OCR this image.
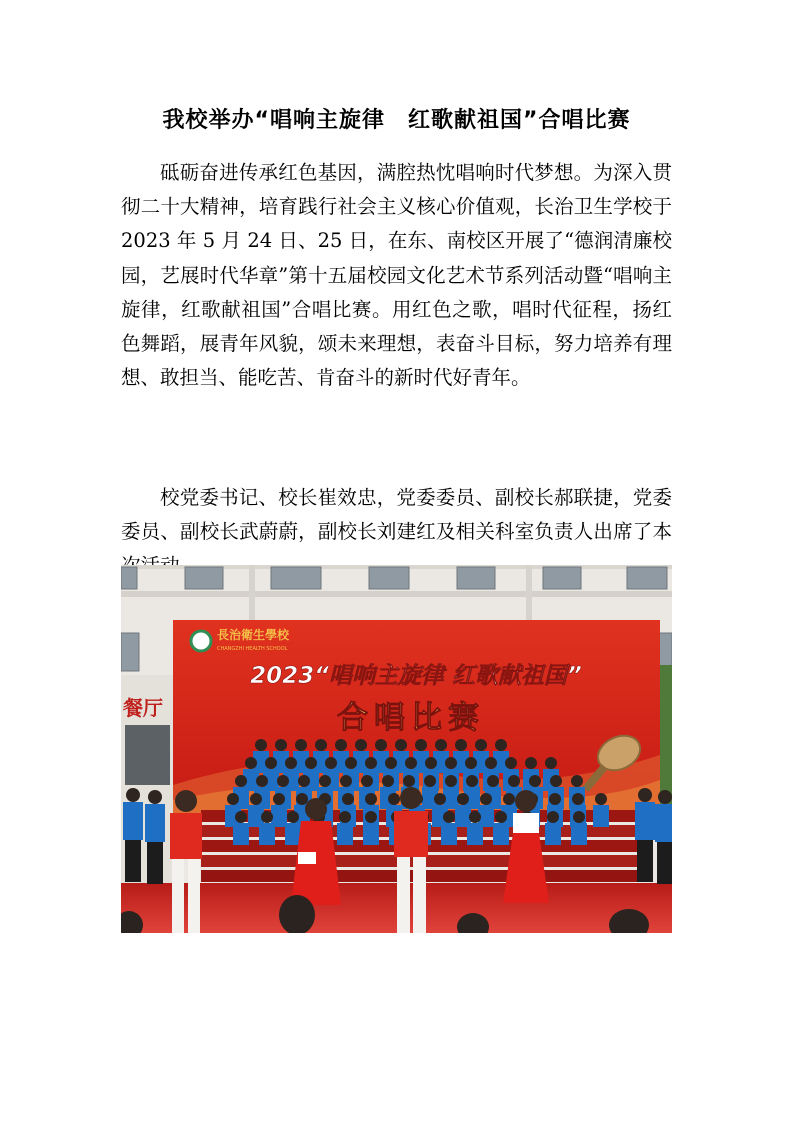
我校举办“唱响主旋律　红歌献祖国”合唱比赛

砥砺奋进传承红色基因，满腔热忱唱响时代梦想。为深入贯彻二十大精神，培育践行社会主义核心价值观，长治卫生学校于 2023 年 5 月 24 日、25 日，在东、南校区开展了“德润清廉校园，艺展时代华章”第十五届校园文化艺术节系列活动暨“唱响主旋律，红歌献祖国”合唱比赛。用红色之歌，唱时代征程，扬红色舞蹈，展青年风貌，颂未来理想，表奋斗目标，努力培养有理想、敢担当、能吃苦、肯奋斗的新时代好青年。

校党委书记、校长崔效忠，党委委员、副校长郝联捷，党委委员、副校长武蔚蔚，副校长刘建红及相关科室负责人出席了本

餐厅
長治衛生學校
CHANGZHI HEALTH SCHOOL
2023“唱响主旋律 红歌献祖国”
合唱比赛
